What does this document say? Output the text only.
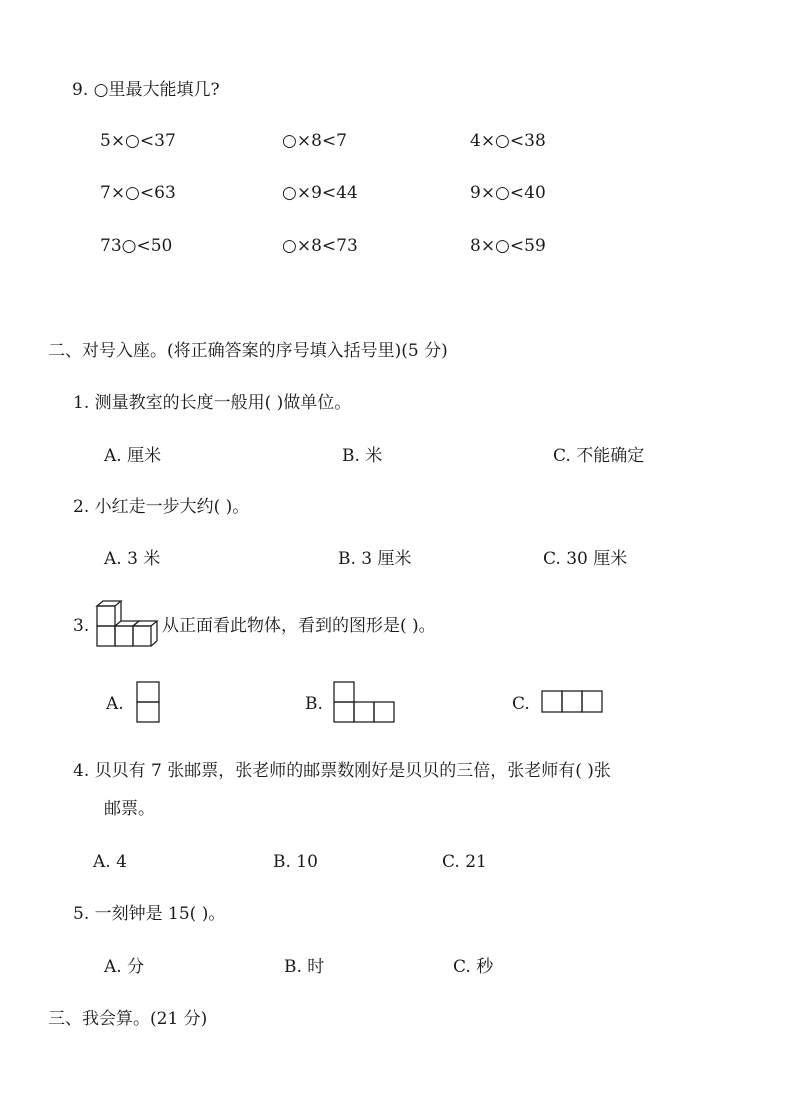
9. ○里最大能填几?
5×○<37	○×8<7	4×○<38
7×○<63	○×9<44	9×○<40
73○<50	○×8<73	8×○<59
二、对号入座。(将正确答案的序号填入括号里)(5 分)
1. 测量教室的长度一般用( )做单位。
A. 厘米	B. 米	C. 不能确定
2. 小红走一步大约( )。
A. 3 米	B. 3 厘米	C. 30 厘米
3.	从正面看此物体，看到的图形是( )。
A.	B.	C.
4. 贝贝有 7 张邮票，张老师的邮票数刚好是贝贝的三倍，张老师有( )张
邮票。
A. 4	B. 10	C. 21
5. 一刻钟是 15( )。
A. 分	B. 时	C. 秒
三、我会算。(21 分)
